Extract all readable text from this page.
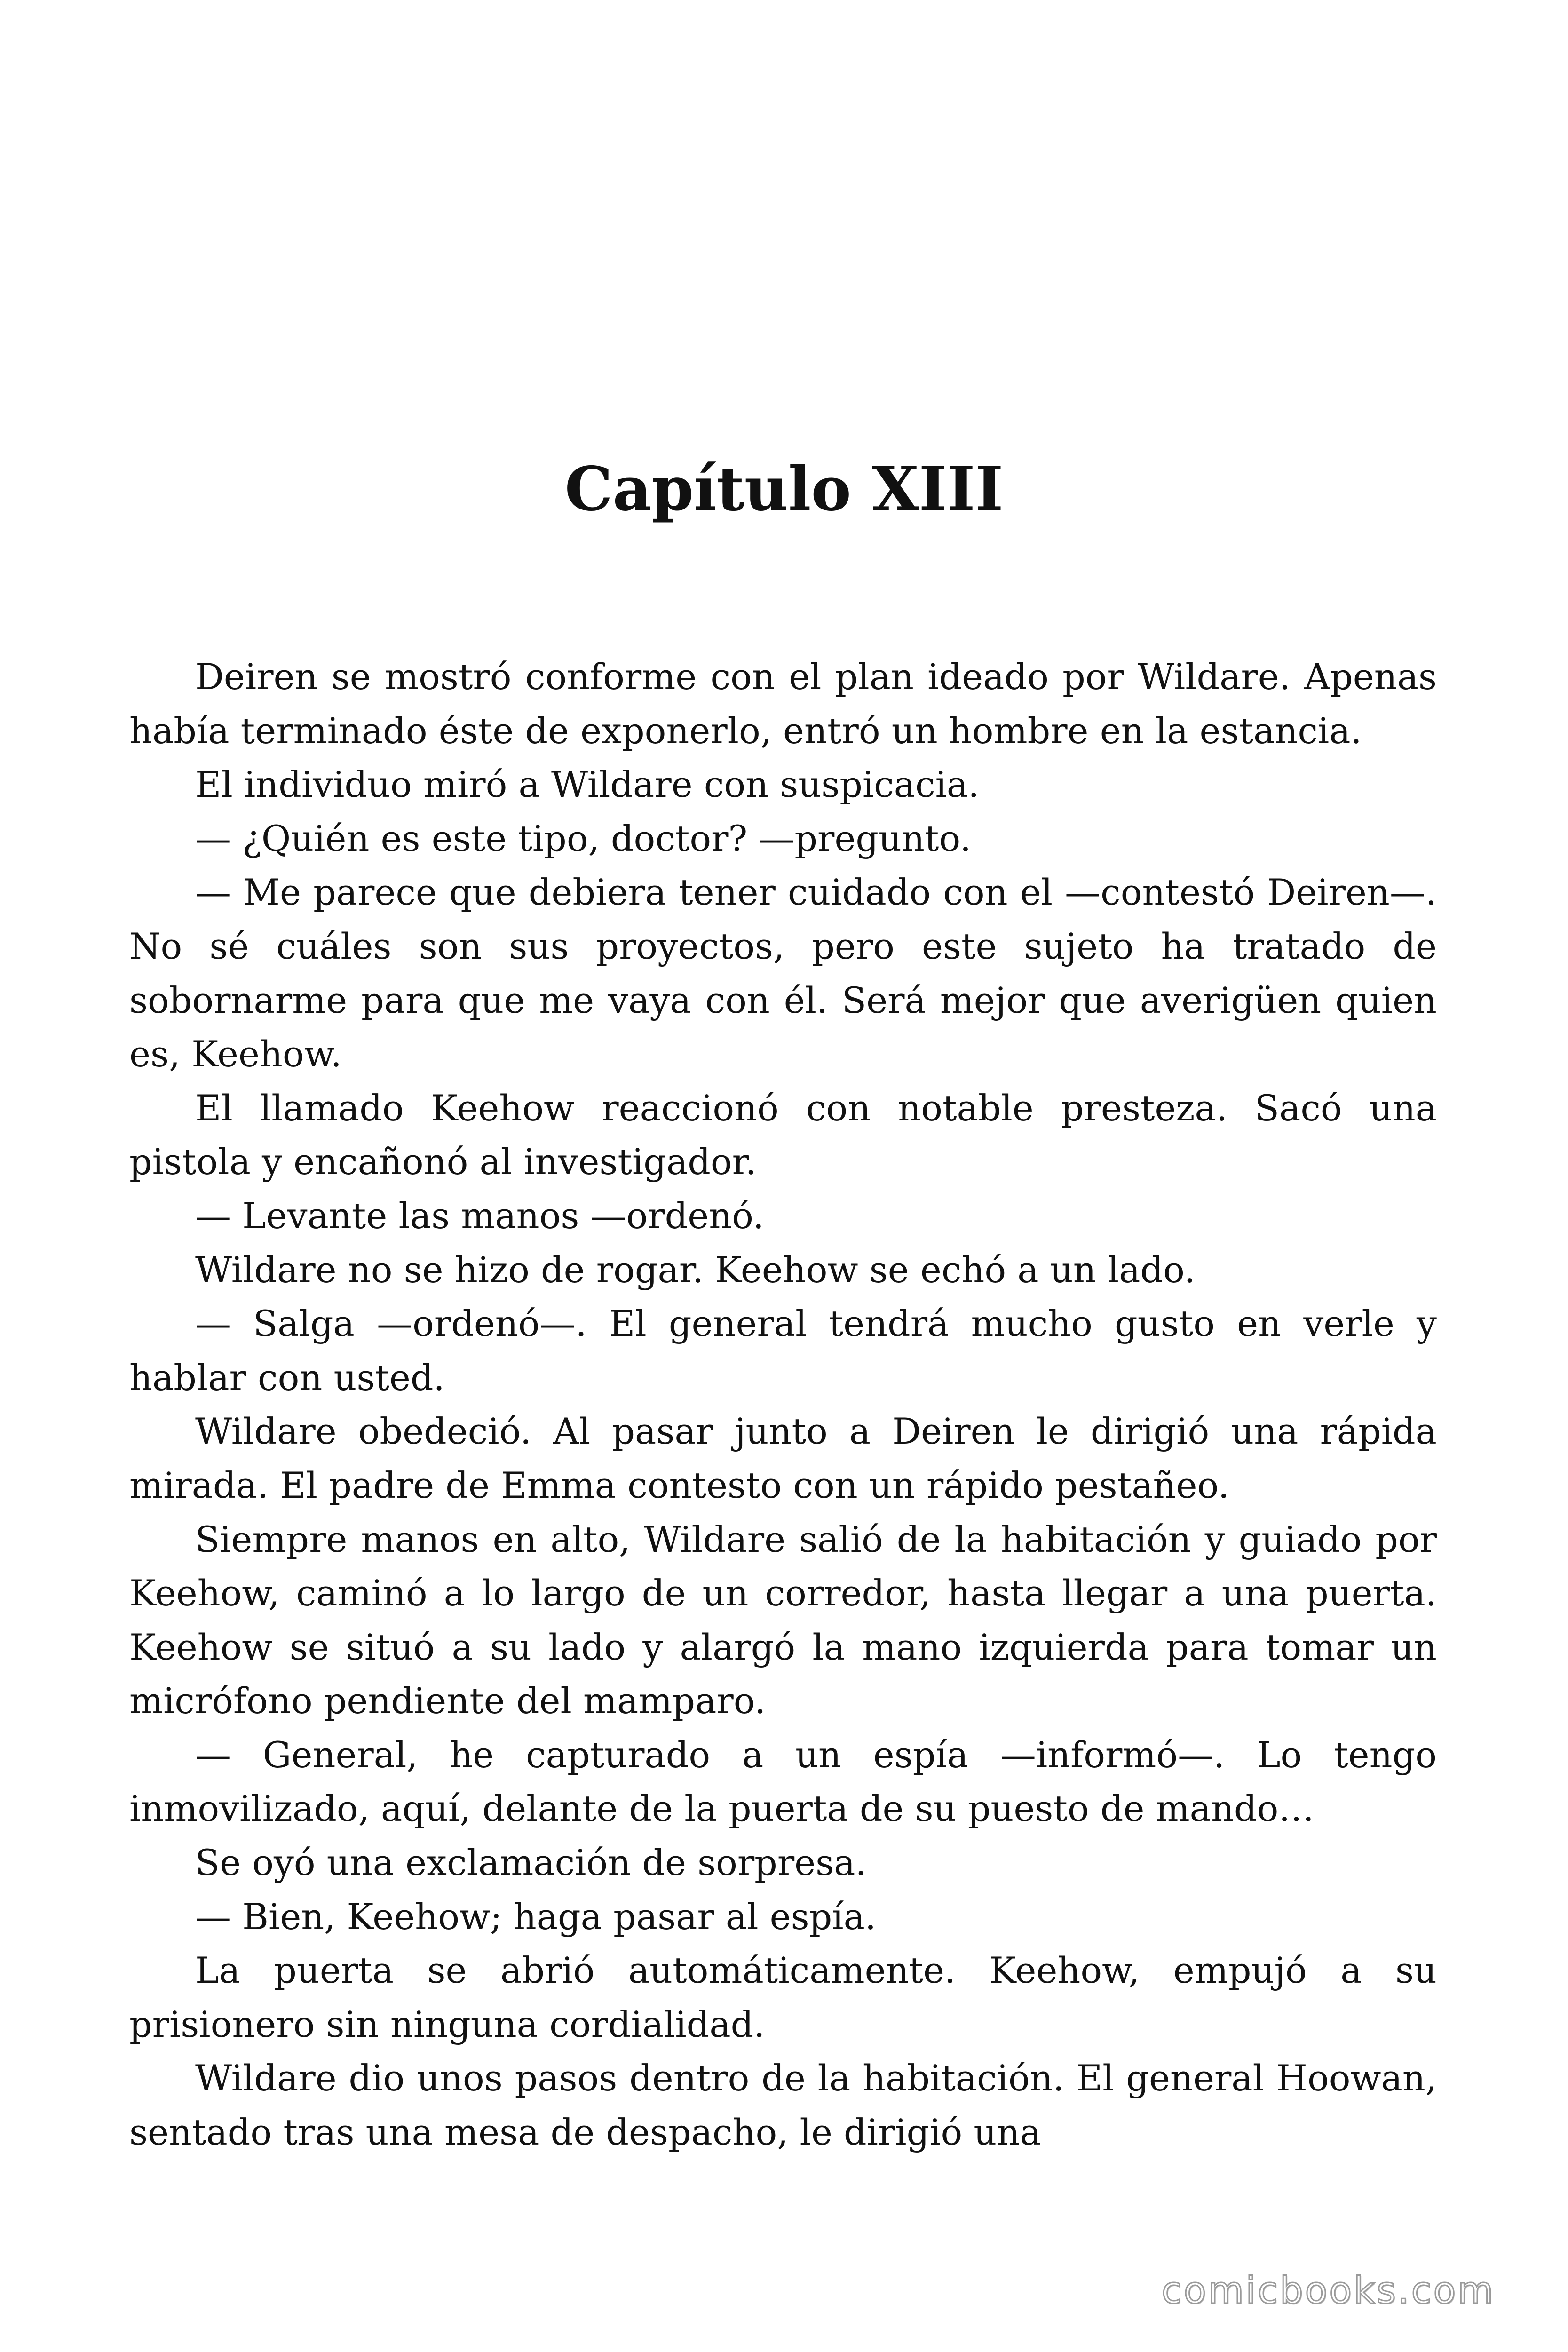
Capítulo XIII

Deiren se mostró conforme con el plan ideado por Wildare. Apenas había terminado éste de exponerlo, entró un hombre en la estancia.

El individuo miró a Wildare con suspicacia.

— ¿Quién es este tipo, doctor? —pregunto.

— Me parece que debiera tener cuidado con el —contestó Deiren—. No sé cuáles son sus proyectos, pero este sujeto ha tratado de sobornarme para que me vaya con él. Será mejor que averigüen quien es, Keehow.

El llamado Keehow reaccionó con notable presteza. Sacó una pistola y encañonó al investigador.

— Levante las manos —ordenó.

Wildare no se hizo de rogar. Keehow se echó a un lado.

— Salga —ordenó—. El general tendrá mucho gusto en verle y hablar con usted.

Wildare obedeció. Al pasar junto a Deiren le dirigió una rápida mirada. El padre de Emma contesto con un rápido pestañeo.

Siempre manos en alto, Wildare salió de la habitación y guiado por Keehow, caminó a lo largo de un corredor, hasta llegar a una puerta. Keehow se situó a su lado y alargó la mano izquierda para tomar un micrófono pendiente del mamparo.

— General, he capturado a un espía —informó—. Lo tengo inmovilizado, aquí, delante de la puerta de su puesto de mando…

Se oyó una exclamación de sorpresa.

— Bien, Keehow; haga pasar al espía.

La puerta se abrió automáticamente. Keehow, empujó a su prisionero sin ninguna cordialidad.

Wildare dio unos pasos dentro de la habitación. El general Hoowan, sentado tras una mesa de despacho, le dirigió una

comicbooks.com
